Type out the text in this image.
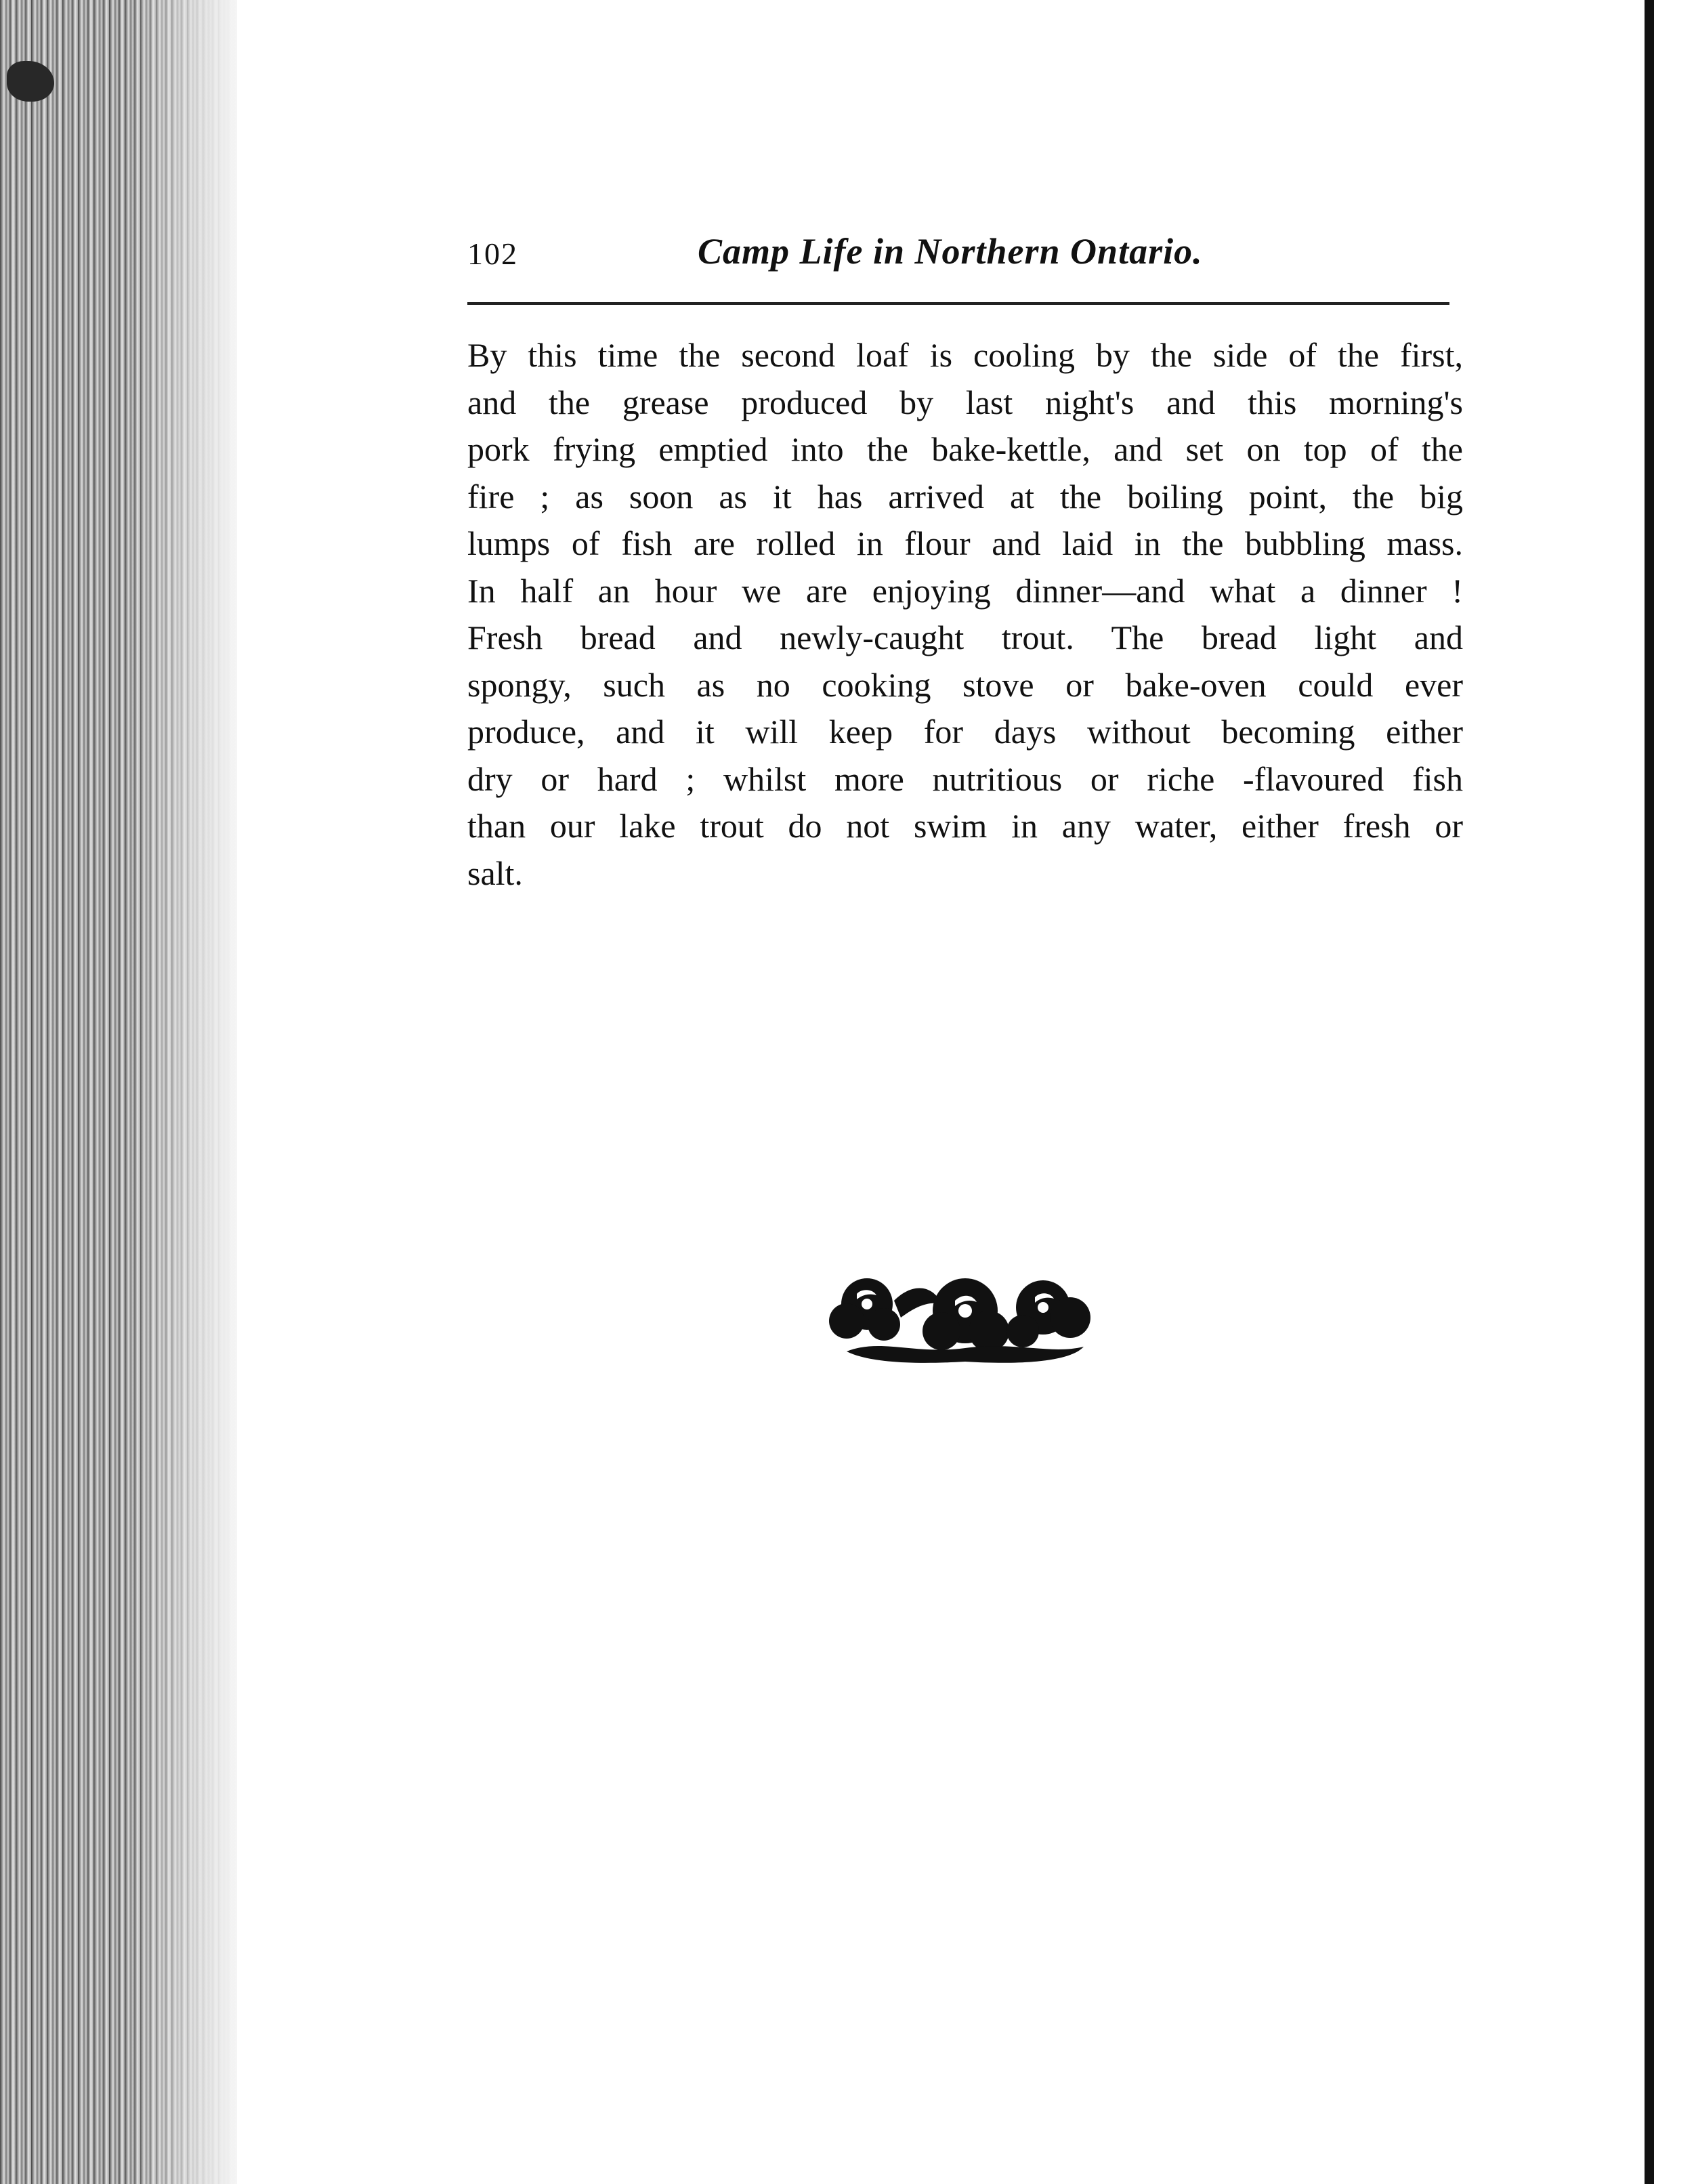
102	Camp Life in Northern Ontario.
By this time the second loaf is cooling by the side of the first,
and the grease produced by last night's and this morning's
pork frying emptied into the bake-kettle, and set on top of the
fire ; as soon as it has arrived at the boiling point, the big
lumps of fish are rolled in flour and laid in the bubbling mass.
In half an hour we are enjoying dinner—and what a dinner !
Fresh bread and newly-caught trout. The bread light and
spongy, such as no cooking stove or bake-oven could ever
produce, and it will keep for days without becoming either
dry or hard ; whilst more nutritious or riche -flavoured fish
than our lake trout do not swim in any water, either fresh or
salt.
